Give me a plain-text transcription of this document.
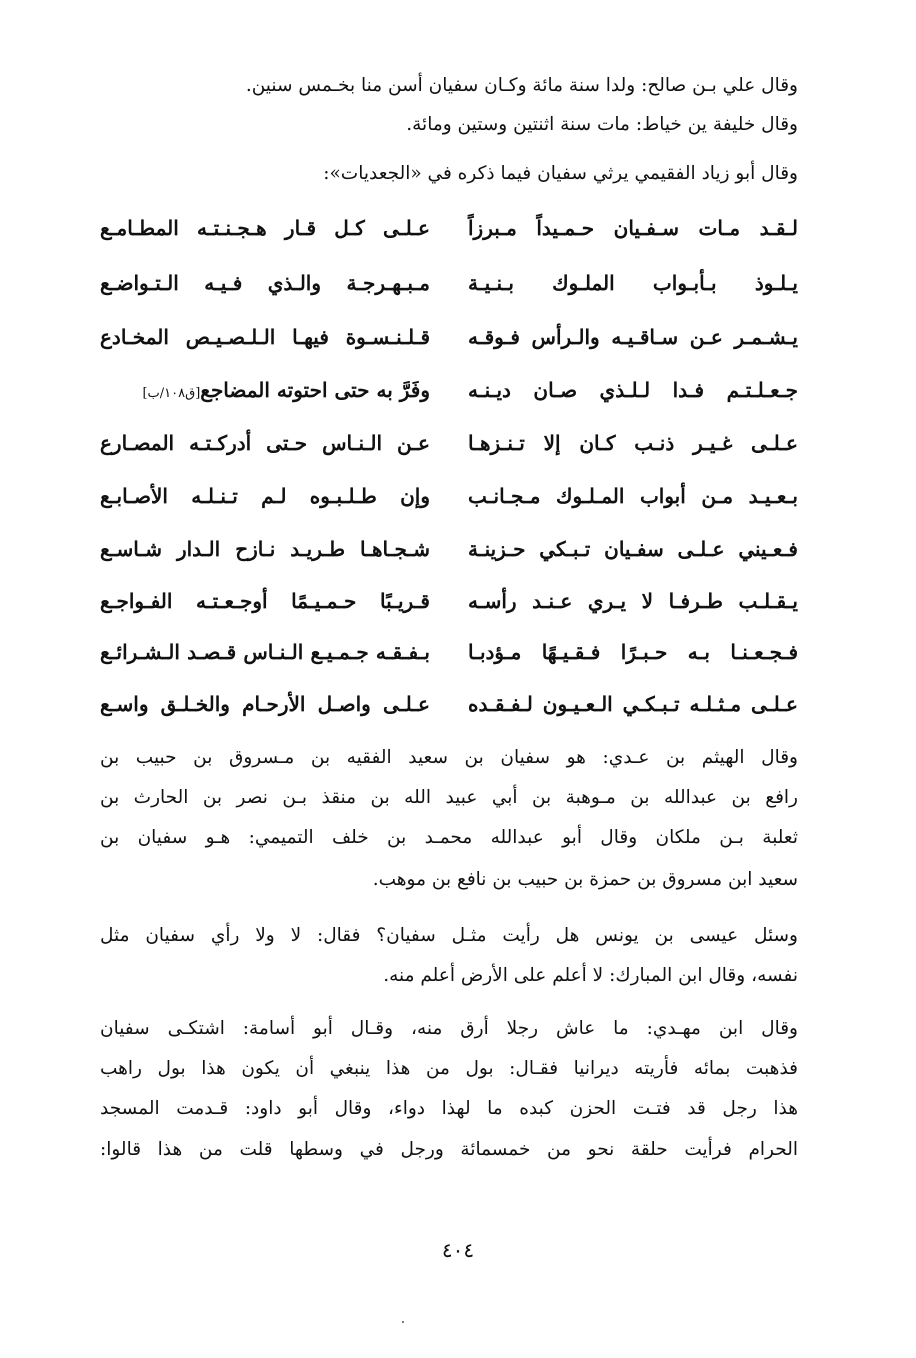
وقال علي بـن صالح: ولدا سنة مائة وكـان سفيان أسن منا بخـمس سنين.
وقال خليفة ين خياط: مات سنة اثنتين وستين ومائة.
وقال أبو زياد الفقيمي يرثي سفيان فيما ذكره في «الجعديات»:
لـقـد مـات سـفـيان حـمـيداً مـبرزاً
عـلـى كـل قـار هـجـنـتـه المطـامـع
يـلـوذ بـأبـواب الملـوك بـنـيـة
مـبـهـرجـة والـذي فـيـه الـتـواضـع
يـشـمـر عـن سـاقـيـه والـرأس فـوقـه
قـلـنـسـوة فيهـا الـلـصـيـص المخـادع
جـعـلـتـم فـدا لـلـذي صـان ديـنـه
وفَرَّ به حتى احتوته المضاجع[ق١٠٨/ب]
عـلـى غـيـر ذنـب كـان إلا تـنـزهـا
عـن الـنـاس حـتى أدركـتـه المصـارع
بـعـيـد مـن أبواب المـلـوك مـجـانـب
وإن طـلـبـوه لـم تـنـلـه الأصـابـع
فـعـيني عـلـى سفـيان تـبـكي حـزينـة
شـجـاهـا طـريـد نـازح الـدار شـاسـع
يـقـلـب طـرفـا لا يـري عـنـد رأسـه
قـريـبًا حـمـيـمًا أوجـعـتـه الفـواجـع
فـجـعـنـا بـه حـبـرًا فـقـيـهًا مـؤدبـا
بـفـقـه جـمـيـع الـنـاس قـصـد الـشـرائـع
عـلـى مـثـلـه تـبـكـي الـعـيـون لـفـقـده
عـلـى واصـل الأرحـام والخـلـق واسـع
وقال الهيثم بن عـدي: هو سفيان بن سعيد الفقيه بن مـسروق بن حبيب بن
رافع بن عبدالله بن مـوهبة بن أبي عبيد الله بن منقذ بـن نصر بن الحارث بن
ثعلبة بـن ملكان وقال أبو عبدالله محمـد بن خلف التميمي: هـو سفيان بن
سعيد ابن مسروق بن حمزة بن حبيب بن نافع بن موهب.
وسئل عيسى بن يونس هل رأيت مثـل سفيان؟ فقال: لا ولا رأي سفيان مثل
نفسه، وقال ابن المبارك: لا أعلم على الأرض أعلم منه.
وقال ابن مهـدي: ما عاش رجلا أرق منه، وقـال أبو أسامة: اشتكـى سفيان
فذهبت بمائه فأريته ديرانيا فقـال: بول من هذا ينبغي أن يكون هذا بول راهب
هذا رجل قد فتـت الحزن كبده ما لهذا دواء، وقال أبو داود: قـدمت المسجد
الحرام فرأيت حلقة نحو من خمسمائة ورجل في وسطها قلت من هذا قالوا:
٤٠٤
